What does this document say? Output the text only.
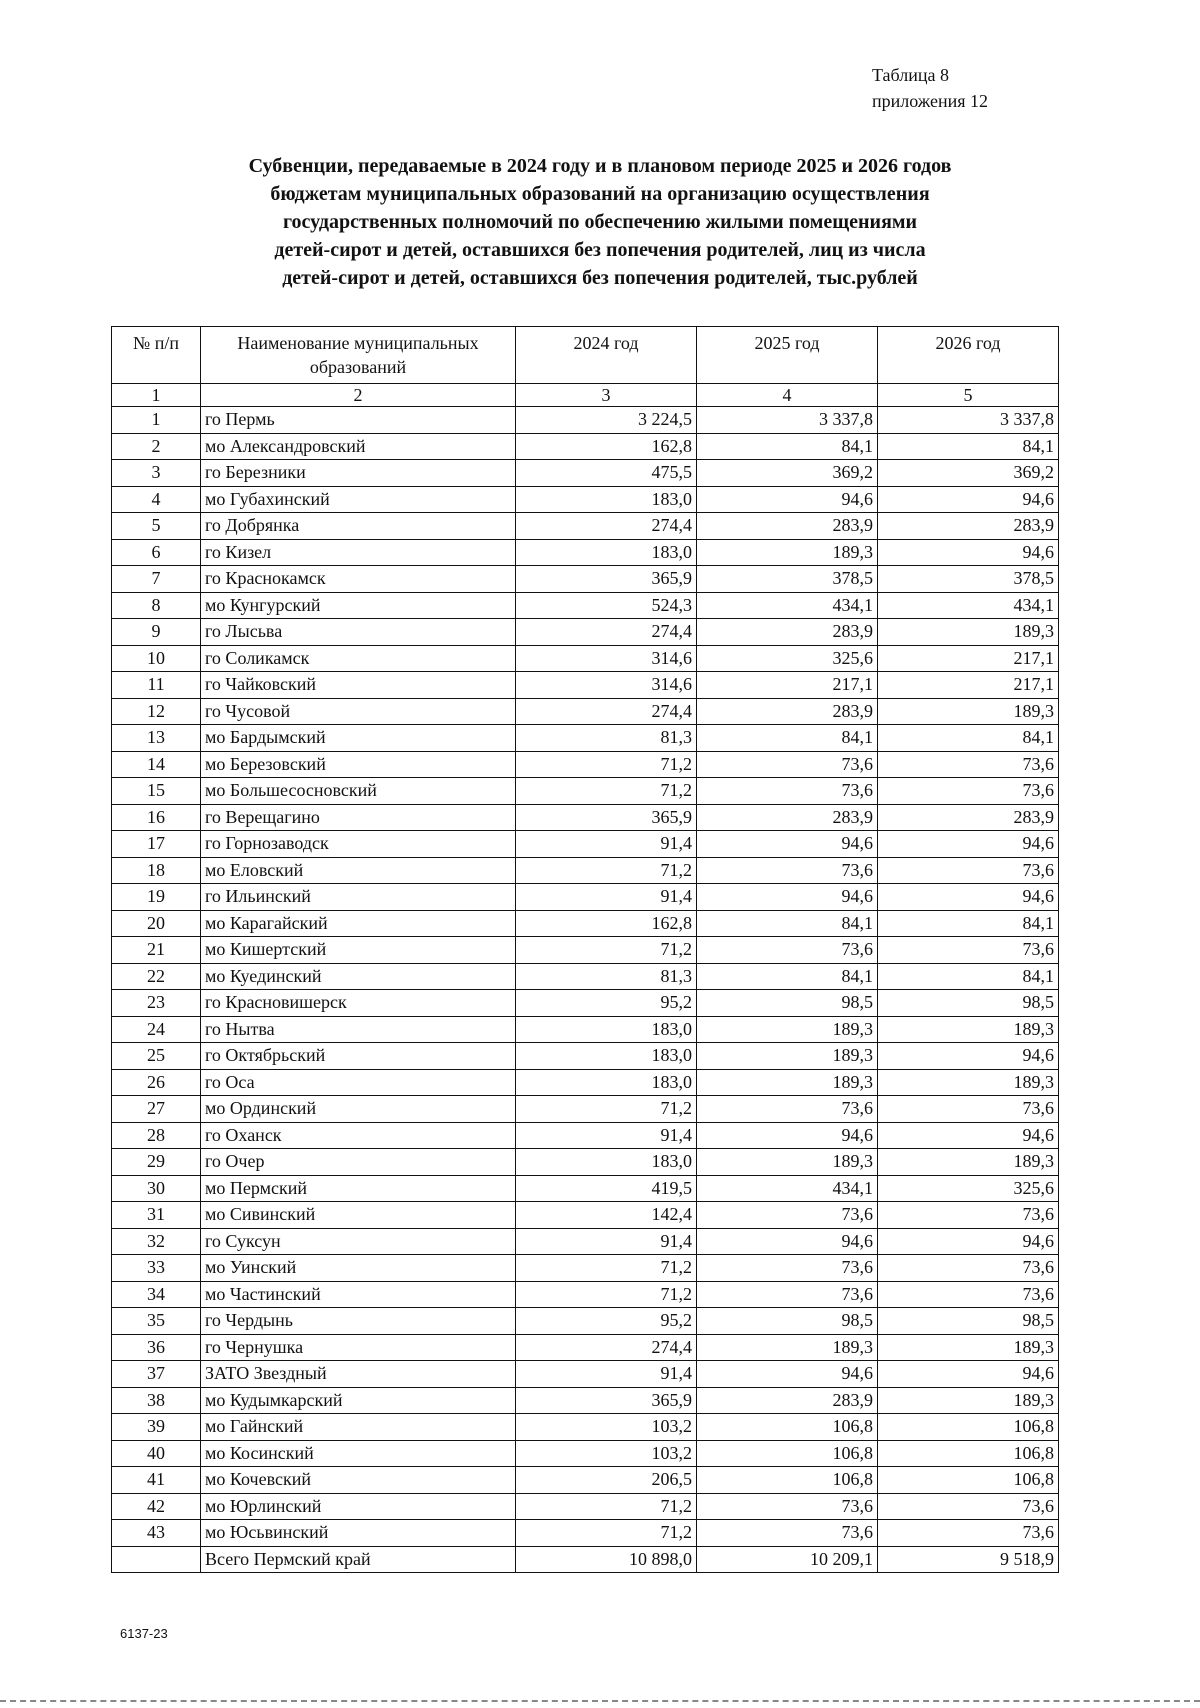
Таблица 8
приложения 12
Субвенции, передаваемые в 2024 году и в плановом периоде 2025 и 2026 годов
бюджетам муниципальных образований на организацию осуществления
государственных полномочий по обеспечению жилыми помещениями
детей-сирот и детей, оставшихся без попечения родителей, лиц из числа
детей-сирот и детей, оставшихся без попечения родителей, тыс.рублей
№ п/п	Наименование муниципальных образований	2024 год	2025 год	2026 год
1	2	3	4	5
1	го Пермь	3 224,5	3 337,8	3 337,8
2	мо Александровский	162,8	84,1	84,1
3	го Березники	475,5	369,2	369,2
4	мо Губахинский	183,0	94,6	94,6
5	го Добрянка	274,4	283,9	283,9
6	го Кизел	183,0	189,3	94,6
7	го Краснокамск	365,9	378,5	378,5
8	мо Кунгурский	524,3	434,1	434,1
9	го Лысьва	274,4	283,9	189,3
10	го Соликамск	314,6	325,6	217,1
11	го Чайковский	314,6	217,1	217,1
12	го Чусовой	274,4	283,9	189,3
13	мо Бардымский	81,3	84,1	84,1
14	мо Березовский	71,2	73,6	73,6
15	мо Большесосновский	71,2	73,6	73,6
16	го Верещагино	365,9	283,9	283,9
17	го Горнозаводск	91,4	94,6	94,6
18	мо Еловский	71,2	73,6	73,6
19	го Ильинский	91,4	94,6	94,6
20	мо Карагайский	162,8	84,1	84,1
21	мо Кишертский	71,2	73,6	73,6
22	мо Куединский	81,3	84,1	84,1
23	го Красновишерск	95,2	98,5	98,5
24	го Нытва	183,0	189,3	189,3
25	го Октябрьский	183,0	189,3	94,6
26	го Оса	183,0	189,3	189,3
27	мо Ординский	71,2	73,6	73,6
28	го Оханск	91,4	94,6	94,6
29	го Очер	183,0	189,3	189,3
30	мо Пермский	419,5	434,1	325,6
31	мо Сивинский	142,4	73,6	73,6
32	го Суксун	91,4	94,6	94,6
33	мо Уинский	71,2	73,6	73,6
34	мо Частинский	71,2	73,6	73,6
35	го Чердынь	95,2	98,5	98,5
36	го Чернушка	274,4	189,3	189,3
37	ЗАТО Звездный	91,4	94,6	94,6
38	мо Кудымкарский	365,9	283,9	189,3
39	мо Гайнский	103,2	106,8	106,8
40	мо Косинский	103,2	106,8	106,8
41	мо Кочевский	206,5	106,8	106,8
42	мо Юрлинский	71,2	73,6	73,6
43	мо Юсьвинский	71,2	73,6	73,6
	Всего Пермский край	10 898,0	10 209,1	9 518,9
6137-23
